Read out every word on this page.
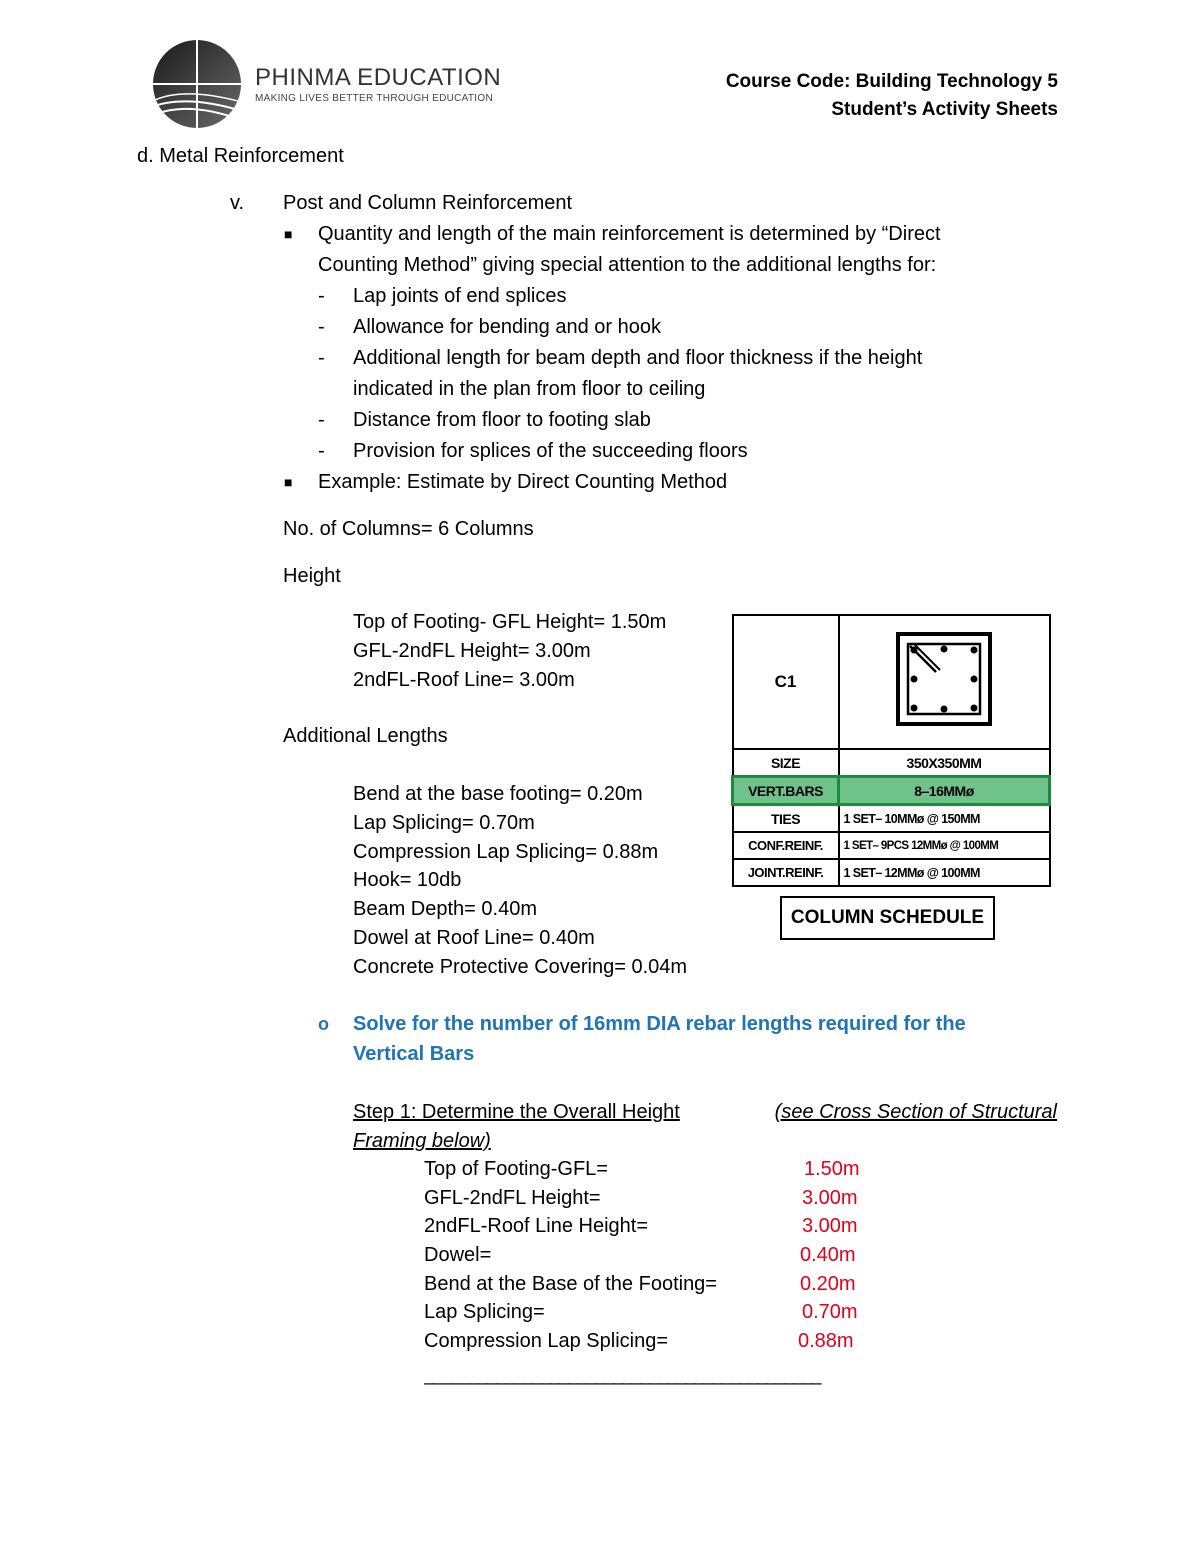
PHINMA EDUCATION
MAKING LIVES BETTER THROUGH EDUCATION
Course Code: Building Technology 5
Student’s Activity Sheets
d. Metal Reinforcement
v. Post and Column Reinforcement
■ Quantity and length of the main reinforcement is determined by “Direct
Counting Method” giving special attention to the additional lengths for:
- Lap joints of end splices
- Allowance for bending and or hook
- Additional length for beam depth and floor thickness if the height
indicated in the plan from floor to ceiling
- Distance from floor to footing slab
- Provision for splices of the succeeding floors
■ Example: Estimate by Direct Counting Method
No. of Columns= 6 Columns
Height
Top of Footing- GFL Height= 1.50m
GFL-2ndFL Height= 3.00m
2ndFL-Roof Line= 3.00m
Additional Lengths
Bend at the base footing= 0.20m
Lap Splicing= 0.70m
Compression Lap Splicing= 0.88m
Hook= 10db
Beam Depth= 0.40m
Dowel at Roof Line= 0.40m
Concrete Protective Covering= 0.04m
C1	
SIZE	350X350MM
VERT.BARS	8–16MMø
TIES	1 SET– 10MMø @ 150MM
CONF.REINF.	1 SET– 9PCS 12MMø @ 100MM
JOINT.REINF.	1 SET– 12MMø @ 100MM
COLUMN SCHEDULE
o Solve for the number of 16mm DIA rebar lengths required for the
Vertical Bars
Step 1: Determine the Overall Height	(see Cross Section of Structural
Framing below)
Top of Footing-GFL=	1.50m
GFL-2ndFL Height=	3.00m
2ndFL-Roof Line Height=	3.00m
Dowel=	0.40m
Bend at the Base of the Footing=	0.20m
Lap Splicing=	0.70m
Compression Lap Splicing=	0.88m
____________________________________________
